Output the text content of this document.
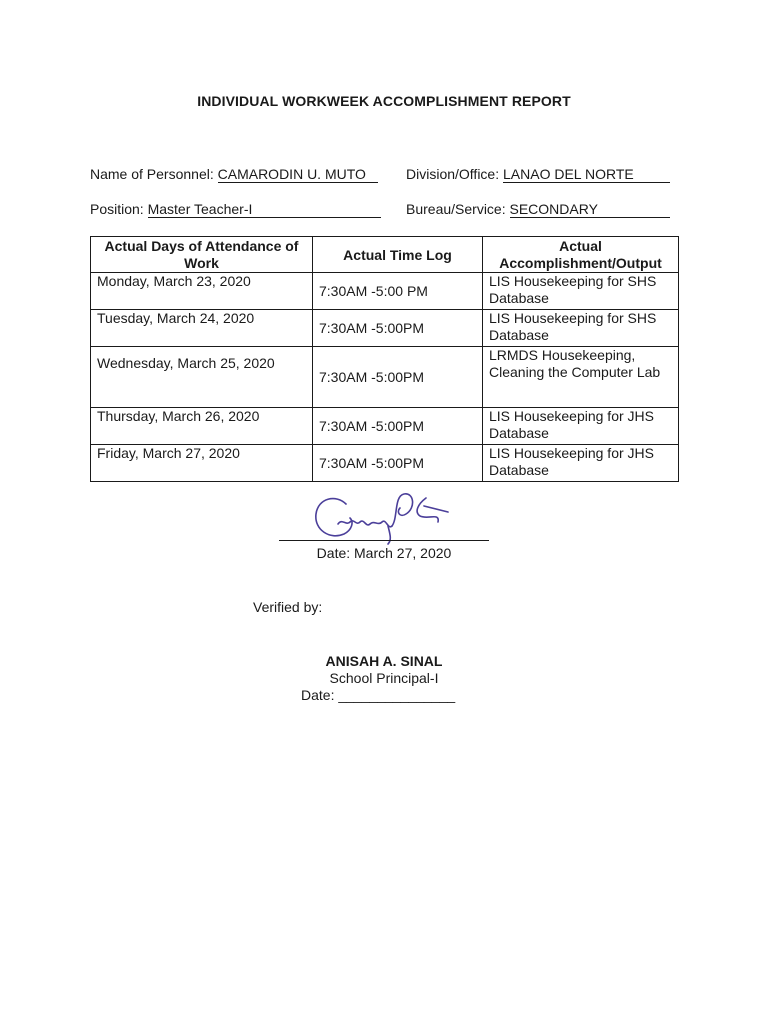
INDIVIDUAL WORKWEEK ACCOMPLISHMENT REPORT
Name of Personnel: CAMARODIN U. MUTO	Division/Office: LANAO DEL NORTE
Position: Master Teacher-I	Bureau/Service: SECONDARY
Actual Days of Attendance of Work	Actual Time Log	Actual Accomplishment/Output
Monday, March 23, 2020	7:30AM -5:00 PM	LIS Housekeeping for SHS Database
Tuesday, March 24, 2020	7:30AM -5:00PM	LIS Housekeeping for SHS Database
Wednesday, March 25, 2020	7:30AM -5:00PM	LRMDS Housekeeping, Cleaning the Computer Lab
Thursday, March 26, 2020	7:30AM -5:00PM	LIS Housekeeping for JHS Database
Friday, March 27, 2020	7:30AM -5:00PM	LIS Housekeeping for JHS Database
Date: March 27, 2020
Verified by:
ANISAH A. SINAL
School Principal-I
Date: _______________
